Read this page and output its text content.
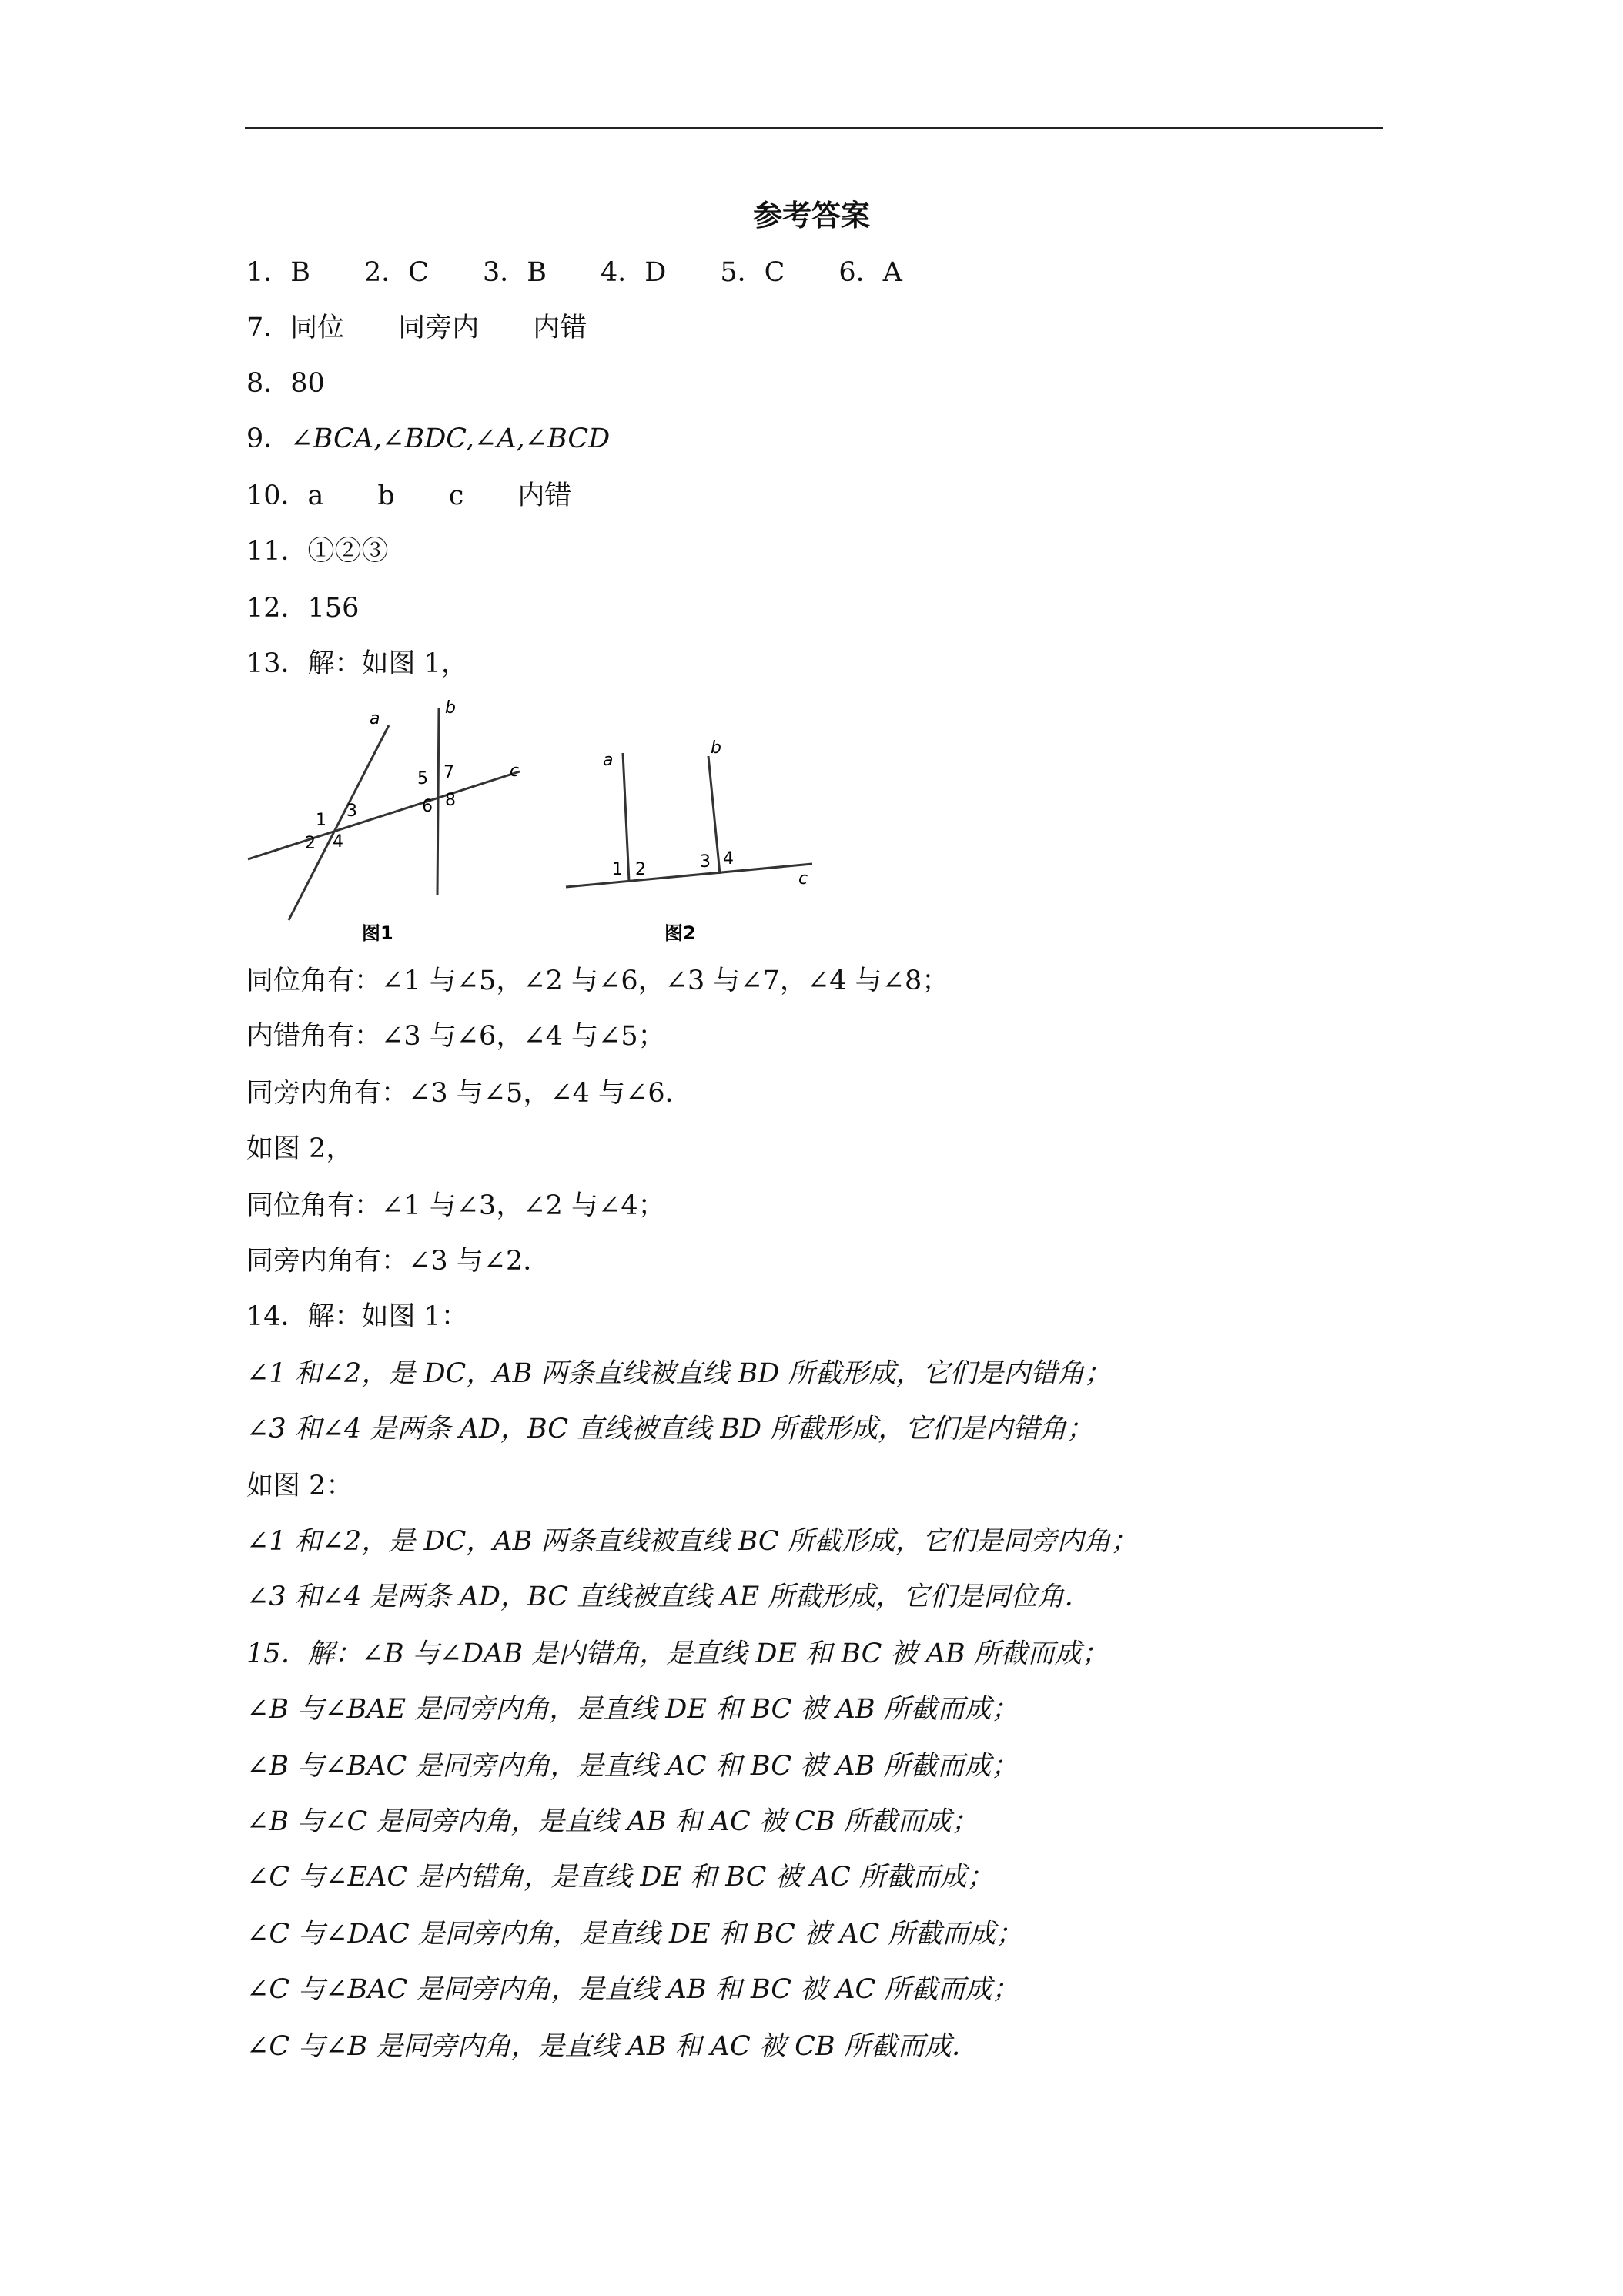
参考答案
1．B　　2．C　　3．B　　4．D　　5．C　　6．A
7．同位　　同旁内　　内错
8．80
9．∠BCA,∠BDC,∠A,∠BCD
10．a　　b　　c　　内错
11．①②③
12．156
13．解：如图 1，
a
b
c
1
2
3
4
5
6
7
8
图1
a
b
c
1 2	3 4
图2
同位角有：∠1 与∠5，∠2 与∠6，∠3 与∠7，∠4 与∠8；
内错角有：∠3 与∠6，∠4 与∠5；
同旁内角有：∠3 与∠5，∠4 与∠6．
如图 2，
同位角有：∠1 与∠3，∠2 与∠4；
同旁内角有：∠3 与∠2．
14．解：如图 1：
∠1 和∠2，是 DC，AB 两条直线被直线 BD 所截形成，它们是内错角；
∠3 和∠4 是两条 AD，BC 直线被直线 BD 所截形成，它们是内错角；
如图 2：
∠1 和∠2，是 DC，AB 两条直线被直线 BC 所截形成，它们是同旁内角；
∠3 和∠4 是两条 AD，BC 直线被直线 AE 所截形成，它们是同位角．
15．解：∠B 与∠DAB 是内错角，是直线 DE 和 BC 被 AB 所截而成；
∠B 与∠BAE 是同旁内角，是直线 DE 和 BC 被 AB 所截而成；
∠B 与∠BAC 是同旁内角，是直线 AC 和 BC 被 AB 所截而成；
∠B 与∠C 是同旁内角，是直线 AB 和 AC 被 CB 所截而成；
∠C 与∠EAC 是内错角，是直线 DE 和 BC 被 AC 所截而成；
∠C 与∠DAC 是同旁内角，是直线 DE 和 BC 被 AC 所截而成；
∠C 与∠BAC 是同旁内角，是直线 AB 和 BC 被 AC 所截而成；
∠C 与∠B 是同旁内角，是直线 AB 和 AC 被 CB 所截而成．
